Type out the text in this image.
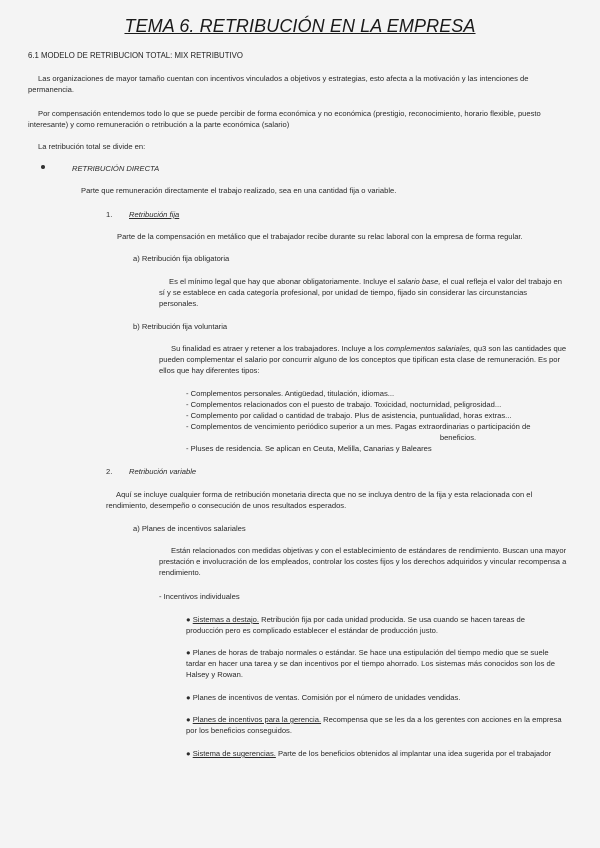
TEMA 6. RETRIBUCIÓN EN LA EMPRESA
6.1 MODELO DE RETRIBUCION TOTAL: MIX RETRIBUTIVO
Las organizaciones de mayor tamaño cuentan con incentivos vinculados a objetivos y estrategias, esto afecta a la motivación y las intenciones de permanencia.
Por compensación entendemos todo lo que se puede percibir de forma económica y no económica (prestigio, reconocimiento, horario flexible, puesto interesante) y como remuneración o retribución a la parte económica (salario)
La retribución total se divide en:
RETRIBUCIÓN DIRECTA
Parte que remuneración directamente el trabajo realizado, sea en una cantidad fija o variable.
1. Retribución fija
Parte de la compensación en metálico que el trabajador recibe durante su relac laboral con la empresa de forma regular.
a) Retribución fija obligatoria
Es el mínimo legal que hay que abonar obligatoriamente. Incluye el salario base, el cual refleja el valor del trabajo en sí y se establece en cada categoría profesional, por unidad de tiempo, fijado sin considerar las circunstancias personales.
b) Retribución fija voluntaria
Su finalidad es atraer y retener a los trabajadores. Incluye a los complementos salariales, qu3 son las cantidades que pueden complementar el salario por concurrir alguno de los conceptos que tipifican esta clase de remuneración. Es por ellos que hay diferentes tipos:
- Complementos personales. Antigüedad, titulación, idiomas...
- Complementos relacionados con el puesto de trabajo. Toxicidad, nocturnidad, peligrosidad...
- Complemento por calidad o cantidad de trabajo. Plus de asistencia, puntualidad, horas extras...
- Complementos de vencimiento periódico superior a un mes. Pagas extraordinarias o participación de
beneficios.
- Pluses de residencia. Se aplican en Ceuta, Melilla, Canarias y Baleares
2. Retribución variable
Aquí se incluye cualquier forma de retribución monetaria directa que no se incluya dentro de la fija y esta relacionada con el rendimiento, desempeño o consecución de unos resultados esperados.
a) Planes de incentivos salariales
Están relacionados con medidas objetivas y con el establecimiento de estándares de rendimiento. Buscan una mayor prestación e involucración de los empleados, controlar los costes fijos y los derechos adquiridos y vincular recompensa a rendimiento.
- Incentivos individuales
● Sistemas a destajo. Retribución fija por cada unidad producida. Se usa cuando se hacen tareas de producción pero es complicado establecer el estándar de producción justo.
● Planes de horas de trabajo normales o estándar. Se hace una estipulación del tiempo medio que se suele tardar en hacer una tarea y se dan incentivos por el tiempo ahorrado. Los sistemas más conocidos son los de Halsey y Rowan.
● Planes de incentivos de ventas. Comisión por el número de unidades vendidas.
● Planes de incentivos para la gerencia. Recompensa que se les da a los gerentes con acciones en la empresa por los beneficios conseguidos.
● Sistema de sugerencias. Parte de los beneficios obtenidos al implantar una idea sugerida por el trabajador
